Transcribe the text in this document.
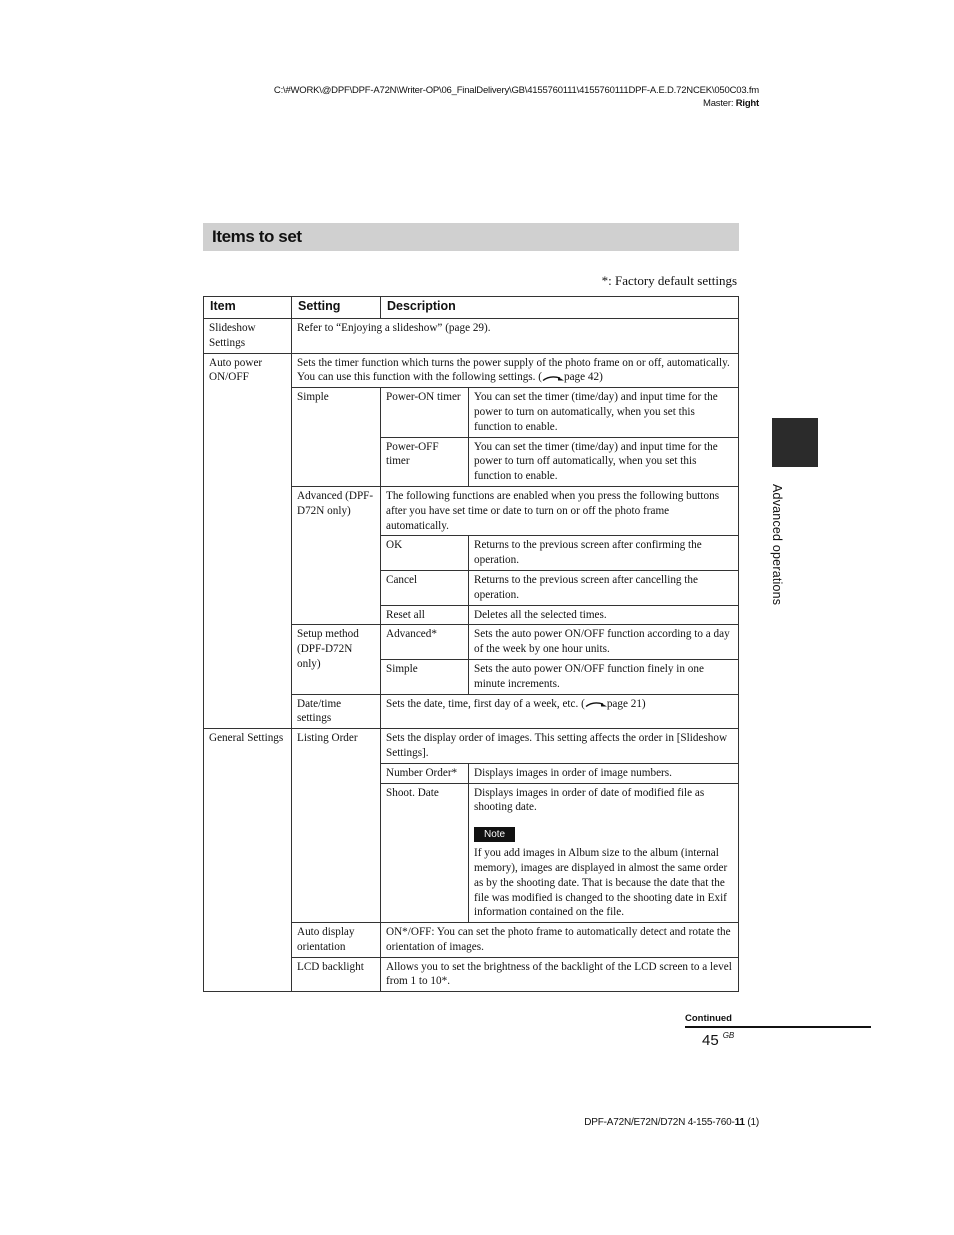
C:\#WORK\@DPF\DPF-A72N\Writer-OP\06_FinalDelivery\GB\4155760111\4155760111DPF-A.E.D.72NCEK\050C03.fm
Master: Right
Items to set
*: Factory default settings
Item	Setting	Description	
Slideshow Settings	Refer to “Enjoying a slideshow” (page 29).		
Auto power ON/OFF	Sets the timer function which turns the power supply of the photo frame on or off, automatically. You can use this function with the following settings. ( page 42)		
	Simple	Power-ON timer	You can set the timer (time/day) and input time for the power to turn on automatically, when you set this function to enable.
		Power-OFF timer	You can set the timer (time/day) and input time for the power to turn off automatically, when you set this function to enable.
	Advanced (DPF-D72N only)	The following functions are enabled when you press the following buttons after you have set time or date to turn on or off the photo frame automatically.	
		OK	Returns to the previous screen after confirming the operation.
		Cancel	Returns to the previous screen after cancelling the operation.
		Reset all	Deletes all the selected times.
	Setup method (DPF-D72N only)	Advanced*	Sets the auto power ON/OFF function according to a day of the week by one hour units.
		Simple	Sets the auto power ON/OFF function finely in one minute increments.
	Date/time settings	Sets the date, time, first day of a week, etc. ( page 21)	
General Settings	Listing Order	Sets the display order of images. This setting affects the order in [Slideshow Settings].	
		Number Order*	Displays images in order of image numbers.
		Shoot. Date	Displays images in order of date of modified file as shooting date.
Note
If you add images in Album size to the album (internal memory), images are displayed in almost the same order as by the shooting date. That is because the date that the file was modified is changed to the shooting date in Exif information contained on the file.

	Auto display orientation	ON*/OFF: You can set the photo frame to automatically detect and rotate the orientation of images.	
	LCD backlight	Allows you to set the brightness of the backlight of the LCD screen to a level from 1 to 10*.	
Advanced operations
Continued
45 $^{GB}$
DPF-A72N/E72N/D72N 4-155-760-11 (1)
